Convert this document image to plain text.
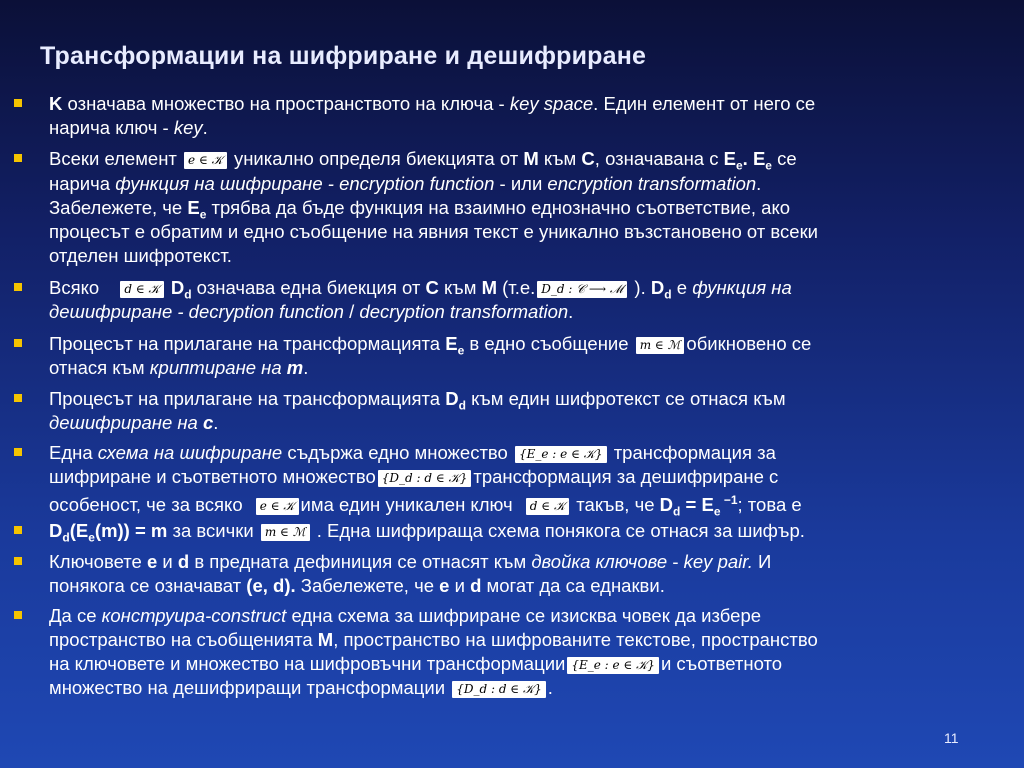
Трансформации на шифриране и дешифриране
K означава множество на пространството на ключа - key space. Един елемент от него се
нарича ключ - key.
Всеки елемент e ∈ 𝒦 уникално определя биекцията от M към C, означавана с $E_e$. $E_e$ се
нарича функция на шифриране - encryption function - или encryption transformation.
Забележете, че $E_e$ трябва да бъде функция на взаимно еднозначно съответствие, ако
процесът е обратим и едно съобщение на явния текст е уникално възстановено от всеки
отделен шифротекст.
Всяко d ∈ 𝒦 $D_d$ означава една биекция от C към M (т.е. D_d : 𝒞 ⟶ ℳ ). $D_d$ е функция на
дешифриране - decryption function / decryption transformation.
Процесът на прилагане на трансформацията $E_e$ в едно съобщение m ∈ ℳ обикновено се
отнася към криптиране на m.
Процесът на прилагане на трансформацията $D_d$ към един шифротекст се отнася към
дешифриране на c.
Една схема на шифриране съдържа едно множество {E_e : e ∈ 𝒦} трансформация за
шифриране и съответното множество {D_d : d ∈ 𝒦} трансформация за дешифриране с
особеност, че за всяко e ∈ 𝒦 има един уникален ключ d ∈ 𝒦 такъв, че $D_d = E_e$ $^{-1}$; това е
$D_d(E_e(m)) = m$ за всички m ∈ ℳ . Една шифрираща схема понякога се отнася за шифър.
Ключовете e и d в предната дефиниция се отнасят към двойка ключове - key pair. И
понякога се означават (e, d). Забележете, че e и d могат да са еднакви.
Да се конструира-construct една схема за шифриране се изисква човек да избере
пространство на съобщенията M, пространство на шифрованите текстове, пространство
на ключовете и множество на шифровъчни трансформации {E_e : e ∈ 𝒦} и съответното
множество на дешифриращи трансформации {D_d : d ∈ 𝒦} .
11
